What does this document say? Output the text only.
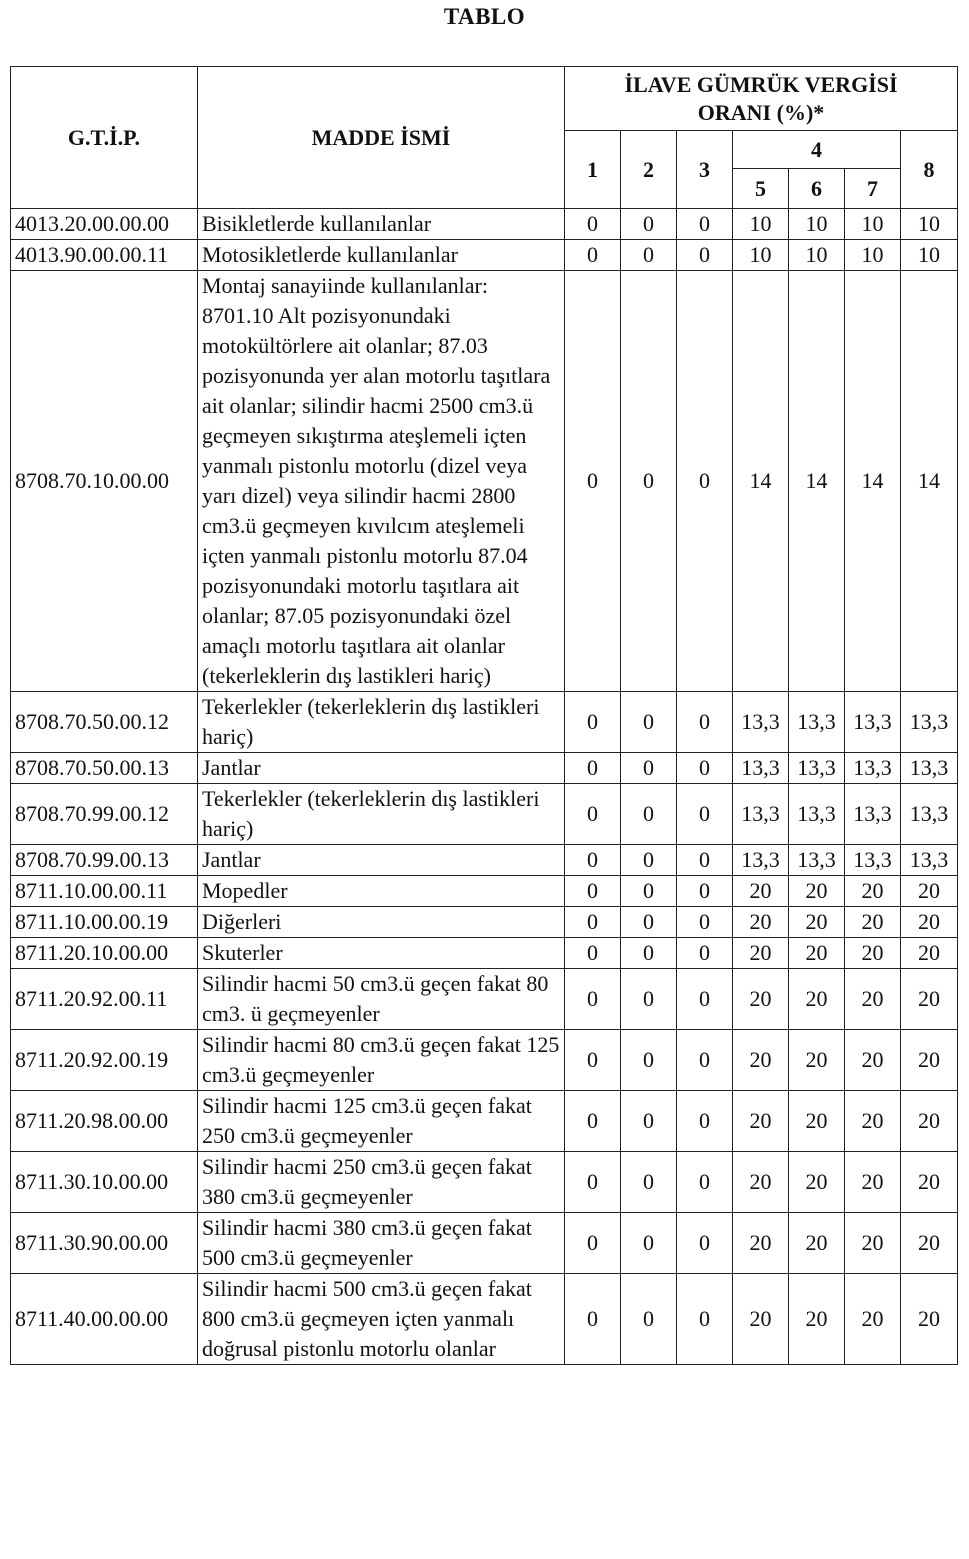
TABLO
G.T.İ.P.	MADDE İSMİ	İLAVE GÜMRÜK VERGİSİ ORANI (%)*						
		1	2	3	4			8
					5	6	7	
4013.20.00.00.00	Bisikletlerde kullanılanlar	0	0	0	10	10	10	10
4013.90.00.00.11	Motosikletlerde kullanılanlar	0	0	0	10	10	10	10
8708.70.10.00.00	Montaj sanayiinde kullanılanlar: 8701.10 Alt pozisyonundaki motokültörlere ait olanlar; 87.03 pozisyonunda yer alan motorlu taşıtlara ait olanlar; silindir hacmi 2500 cm3.ü geçmeyen sıkıştırma ateşlemeli içten yanmalı pistonlu motorlu (dizel veya yarı dizel) veya silindir hacmi 2800 cm3.ü geçmeyen kıvılcım ateşlemeli içten yanmalı pistonlu motorlu 87.04 pozisyonundaki motorlu taşıtlara ait olanlar; 87.05 pozisyonundaki özel amaçlı motorlu taşıtlara ait olanlar (tekerleklerin dış lastikleri hariç)	0	0	0	14	14	14	14
8708.70.50.00.12	Tekerlekler (tekerleklerin dış lastikleri hariç)	0	0	0	13,3	13,3	13,3	13,3
8708.70.50.00.13	Jantlar	0	0	0	13,3	13,3	13,3	13,3
8708.70.99.00.12	Tekerlekler (tekerleklerin dış lastikleri hariç)	0	0	0	13,3	13,3	13,3	13,3
8708.70.99.00.13	Jantlar	0	0	0	13,3	13,3	13,3	13,3
8711.10.00.00.11	Mopedler	0	0	0	20	20	20	20
8711.10.00.00.19	Diğerleri	0	0	0	20	20	20	20
8711.20.10.00.00	Skuterler	0	0	0	20	20	20	20
8711.20.92.00.11	Silindir hacmi 50 cm3.ü geçen fakat 80 cm3. ü geçmeyenler	0	0	0	20	20	20	20
8711.20.92.00.19	Silindir hacmi 80 cm3.ü geçen fakat 125 cm3.ü geçmeyenler	0	0	0	20	20	20	20
8711.20.98.00.00	Silindir hacmi 125 cm3.ü geçen fakat 250 cm3.ü geçmeyenler	0	0	0	20	20	20	20
8711.30.10.00.00	Silindir hacmi 250 cm3.ü geçen fakat 380 cm3.ü geçmeyenler	0	0	0	20	20	20	20
8711.30.90.00.00	Silindir hacmi 380 cm3.ü geçen fakat 500 cm3.ü geçmeyenler	0	0	0	20	20	20	20
8711.40.00.00.00	Silindir hacmi 500 cm3.ü geçen fakat 800 cm3.ü geçmeyen içten yanmalı doğrusal pistonlu motorlu olanlar	0	0	0	20	20	20	20
